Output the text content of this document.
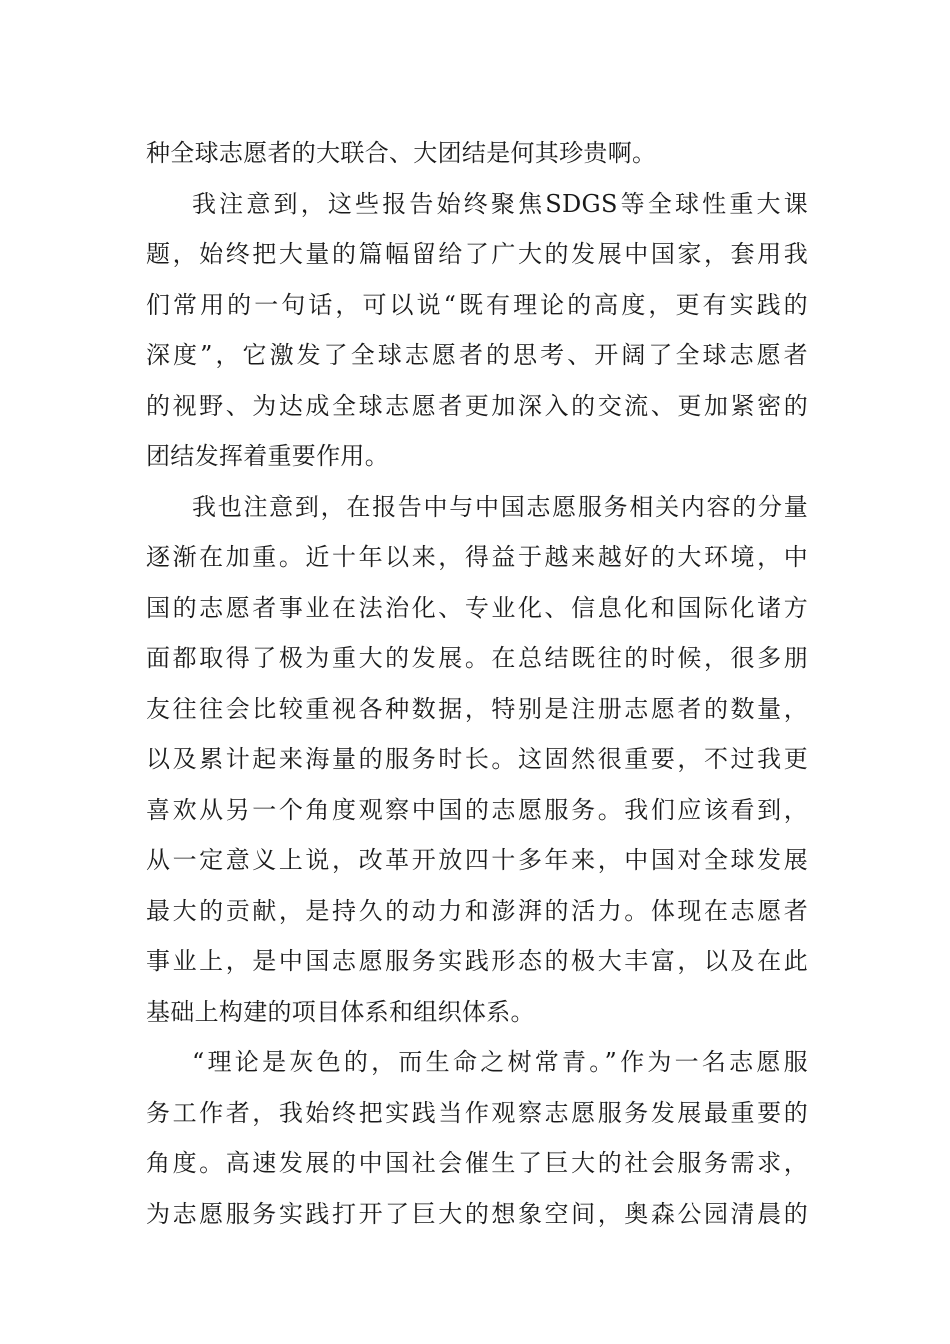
种全球志愿者的大联合、大团结是何其珍贵啊。
我注意到，这些报告始终聚焦SDGS等全球性重大课
题，始终把大量的篇幅留给了广大的发展中国家，套用我
们常用的一句话，可以说“既有理论的高度，更有实践的
深度”，它激发了全球志愿者的思考、开阔了全球志愿者
的视野、为达成全球志愿者更加深入的交流、更加紧密的
团结发挥着重要作用。
我也注意到，在报告中与中国志愿服务相关内容的分量
逐渐在加重。近十年以来，得益于越来越好的大环境，中
国的志愿者事业在法治化、专业化、信息化和国际化诸方
面都取得了极为重大的发展。在总结既往的时候，很多朋
友往往会比较重视各种数据，特别是注册志愿者的数量，
以及累计起来海量的服务时长。这固然很重要，不过我更
喜欢从另一个角度观察中国的志愿服务。我们应该看到，
从一定意义上说，改革开放四十多年来，中国对全球发展
最大的贡献，是持久的动力和澎湃的活力。体现在志愿者
事业上，是中国志愿服务实践形态的极大丰富，以及在此
基础上构建的项目体系和组织体系。
“理论是灰色的，而生命之树常青。”作为一名志愿服
务工作者，我始终把实践当作观察志愿服务发展最重要的
角度。高速发展的中国社会催生了巨大的社会服务需求，
为志愿服务实践打开了巨大的想象空间，奥森公园清晨的
